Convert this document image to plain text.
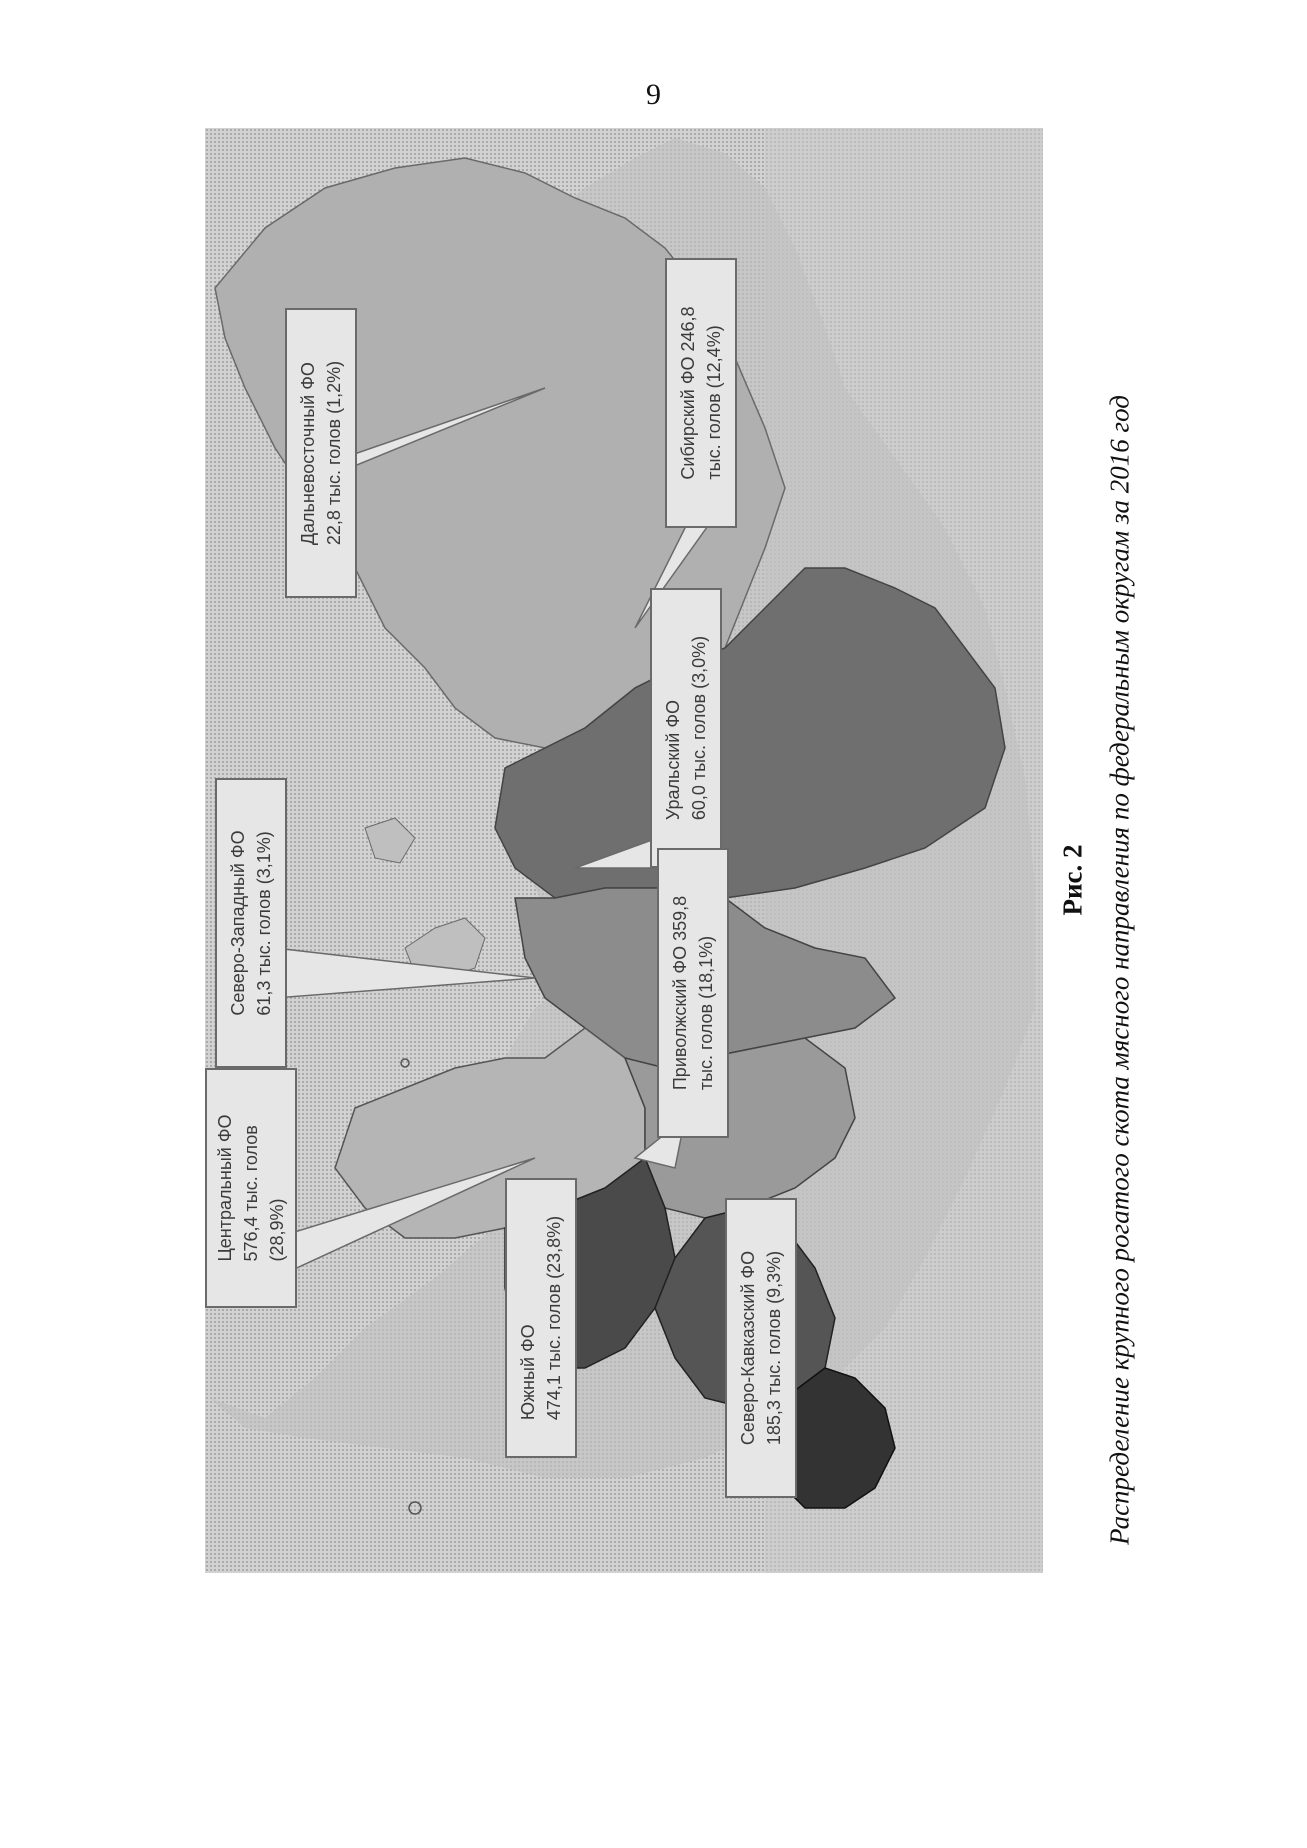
9
Дальневосточный ФО 22,8 тыс. голов (1,2%)	Сибирский ФО 246,8 тыс. голов (12,4%)
Северо-Западный ФО 61,3 тыс. голов (3,1%)
Уральский ФО 60,0 тыс. голов (3,0%)
Центральный ФО 576,4 тыс. голов (28,9%)
Приволжский ФО 359,8 тыс. голов (18,1%)
Южный ФО 474,1 тыс. голов (23,8%)	Северо-Кавказский ФО 185,3 тыс. голов (9,3%)
Рис. 2 Распределение крупного рогатого скота мясного направления по федеральным округам за 2016 год
